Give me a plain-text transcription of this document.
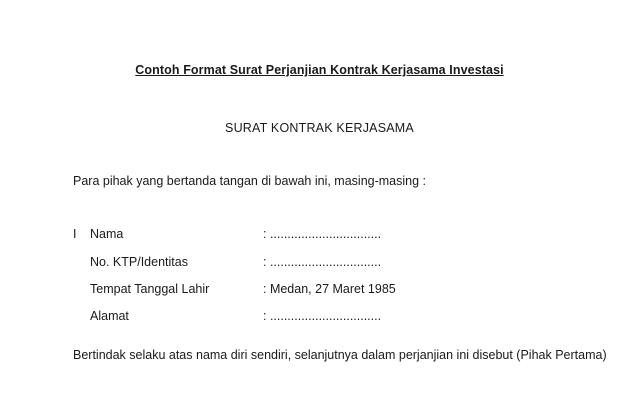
Contoh Format Surat Perjanjian Kontrak Kerjasama Investasi
SURAT KONTRAK KERJASAMA
Para pihak yang bertanda tangan di bawah ini, masing-masing :
I Nama	: ................................
No. KTP/Identitas	: ................................
Tempat Tanggal Lahir	: Medan, 27 Maret 1985
Alamat	: ................................
Bertindak selaku atas nama diri sendiri, selanjutnya dalam perjanjian ini disebut (Pihak Pertama)
